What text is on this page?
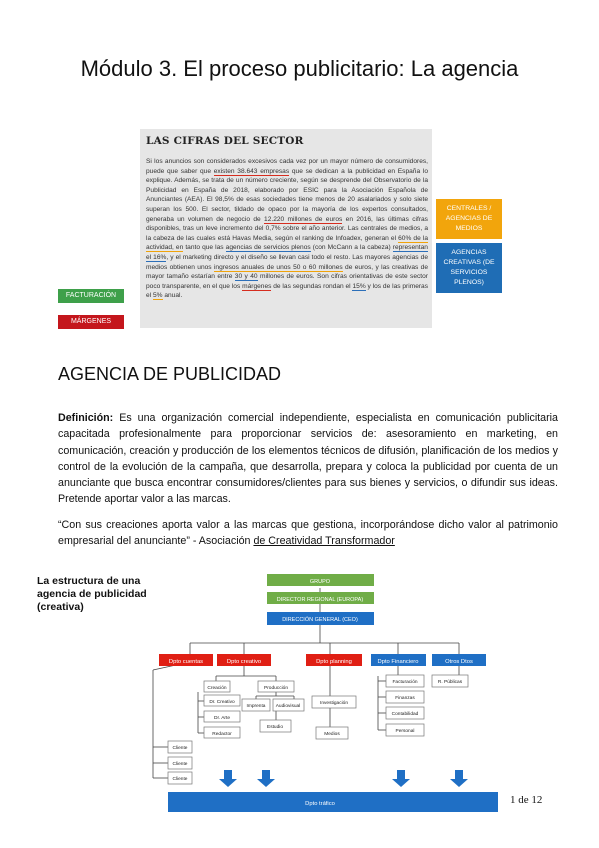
Módulo 3. El proceso publicitario: La agencia
LAS CIFRAS DEL SECTOR

Si los anuncios son considerados excesivos cada vez por un mayor número de consumidores, puede que saber que existen 38.643 empresas que se dedican a la publicidad en España lo explique. Además, se trata de un número creciente, según se desprende del Observatorio de la Publicidad en España de 2018, elaborado por ESIC para la Asociación Española de Anunciantes (AEA). El 98,5% de esas sociedades tiene menos de 20 asalariados y solo siete superan los 500. El sector, tildado de opaco por la mayoría de los expertos consultados, generaba un volumen de negocio de 12.220 millones de euros en 2016, las últimas cifras disponibles, tras un leve incremento del 0,7% sobre el año anterior. Las centrales de medios, a la cabeza de las cuales está Havas Media, según el ranking de Infoadex, generan el 60% de la actividad, en tanto que las agencias de servicios plenos (con McCann a la cabeza) representan el 16%, y el marketing directo y el diseño se llevan casi todo el resto. Las mayores agencias de medios obtienen unos ingresos anuales de unos 50 o 60 millones de euros, y las creativas de mayor tamaño estarían entre 30 y 40 millones de euros. Son cifras orientativas de este sector poco transparente, en el que los márgenes de las segundas rondan el 15% y los de las primeras el 5% anual.

CENTRALES / AGENCIAS DE MEDIOS
AGENCIAS CREATIVAS (DE SERVICIOS PLENOS)
FACTURACIÓN
MÁRGENES
AGENCIA DE PUBLICIDAD

Definición: Es una organización comercial independiente, especialista en comunicación publicitaria capacitada profesionalmente para proporcionar servicios de: asesoramiento en marketing, en comunicación, creación y producción de los elementos técnicos de difusión, planificación de los medios y control de la evolución de la campaña, que desarrolla, prepara y coloca la publicidad por cuenta de un anunciante que busca encontrar consumidores/clientes para sus bienes y servicios, o difundir sus ideas. Pretende aportar valor a las marcas.

“Con sus creaciones aporta valor a las marcas que gestiona, incorporándose dicho valor al patrimonio empresarial del anunciante” - Asociación de Creatividad Transformador

La estructura de una
agencia de publicidad
(creativa)
GRUPO
DIRECTOR REGIONAL (EUROPA)
DIRECCIÓN GENERAL (CEO)
Dpto cuentas	Dpto creativo	Dpto planning	Dpto Financiero	Otros Dtos
Creación	Producción
Dr. Creativo
Dr. Arte
Redactor
Imprenta Audiovisual
Estudio
Investigación
Medios
Facturación
Finanzas
Contabilidad
Personal
R. Públicas
Cliente
Cliente
Cliente
Dpto tráfico	1 de 12
